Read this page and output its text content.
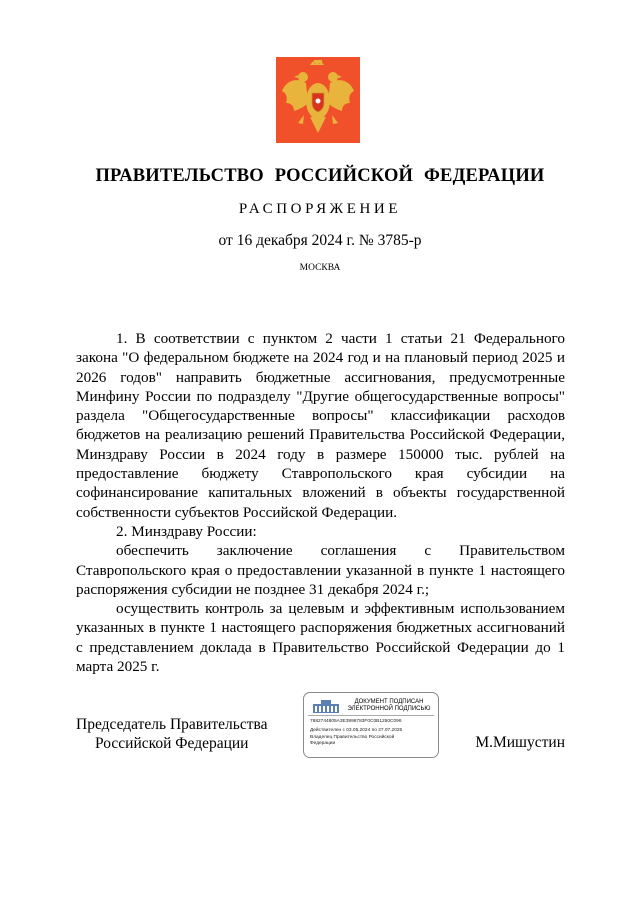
ПРАВИТЕЛЬСТВО РОССИЙСКОЙ ФЕДЕРАЦИИ
РАСПОРЯЖЕНИЕ
от 16 декабря 2024 г. № 3785-р
МОСКВА

1. В соответствии с пунктом 2 части 1 статьи 21 Федерального закона "О федеральном бюджете на 2024 год и на плановый период 2025 и 2026 годов" направить бюджетные ассигнования, предусмотренные Минфину России по подразделу "Другие общегосударственные вопросы" раздела "Общегосударственные вопросы" классификации расходов бюджетов на реализацию решений Правительства Российской Федерации, Минздраву России в 2024 году в размере 150000 тыс. рублей на предоставление бюджету Ставропольского края субсидии на софинансирование капитальных вложений в объекты государственной собственности субъектов Российской Федерации.

2. Минздраву России:

обеспечить заключение соглашения с Правительством Ставропольского края о предоставлении указанной в пункте 1 настоящего распоряжения субсидии не позднее 31 декабря 2024 г.;

осуществить контроль за целевым и эффективным использованием указанных в пункте 1 настоящего распоряжения бюджетных ассигнований с представлением доклада в Правительство Российской Федерации до 1 марта 2025 г.

Председатель Правительства
Российской Федерации
ДОКУМЕНТ ПОДПИСАН
ЭЛЕКТРОННОЙ ПОДПИСЬЮ
7882744805A3E3996783F0C0B1250C096
Действителен с 03.05.2024 по 27.07.2025
Владелец Правительство Российской
Федерации	М.Мишустин
